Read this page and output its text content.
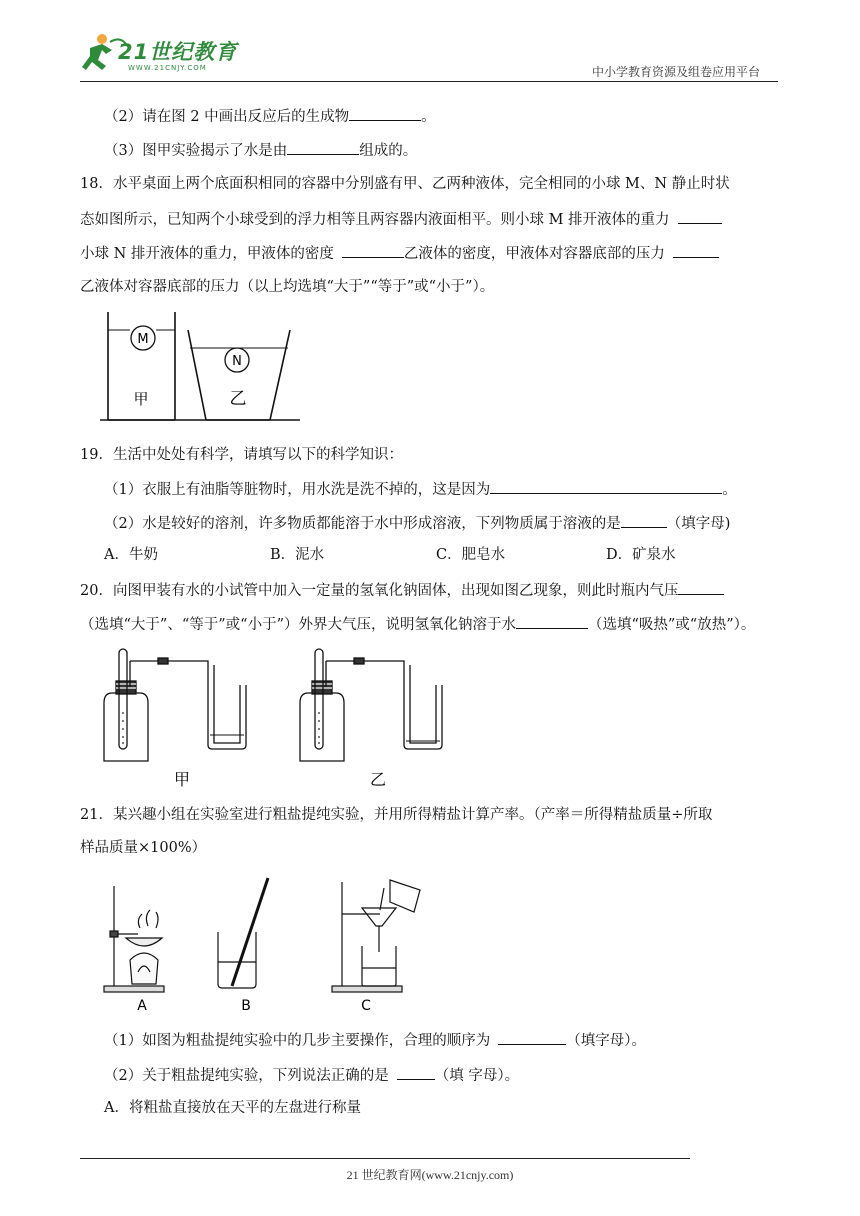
21世纪教育
WWW.21CNJY.COM	中小学教育资源及组卷应用平台
（2）请在图 2 中画出反应后的生成物	。
（3）图甲实验揭示了水是由	组成的。
18．水平桌面上两个底面积相同的容器中分别盛有甲、乙两种液体，完全相同的小球 M、N 静止时状
态如图所示，已知两个小球受到的浮力相等且两容器内液面相平。则小球 M 排开液体的重力
小球 N 排开液体的重力，甲液体的密度	乙液体的密度，甲液体对容器底部的压力
乙液体对容器底部的压力（以上均选填“大于”“等于”或“小于”）。
M
N
甲	乙
19．生活中处处有科学，请填写以下的科学知识：
（1）衣服上有油脂等脏物时，用水洗是洗不掉的，这是因为	。
（2）水是较好的溶剂，许多物质都能溶于水中形成溶液，下列物质属于溶液的是	（填字母)
A．牛奶	B．泥水	C．肥皂水	D．矿泉水
20．向图甲装有水的小试管中加入一定量的氢氧化钠固体，出现如图乙现象，则此时瓶内气压
（选填“大于”、“等于”或“小于”）外界大气压，说明氢氧化钠溶于水	（选填“吸热”或“放热”）。
甲	乙
21．某兴趣小组在实验室进行粗盐提纯实验，并用所得精盐计算产率。（产率＝所得精盐质量÷所取
样品质量×100%）
A	B	C
（1）如图为粗盐提纯实验中的几步主要操作，合理的顺序为	（填字母）。
（2）关于粗盐提纯实验，下列说法正确的是	（填 字母）。
A．将粗盐直接放在天平的左盘进行称量
21 世纪教育网(www.21cnjy.com)
